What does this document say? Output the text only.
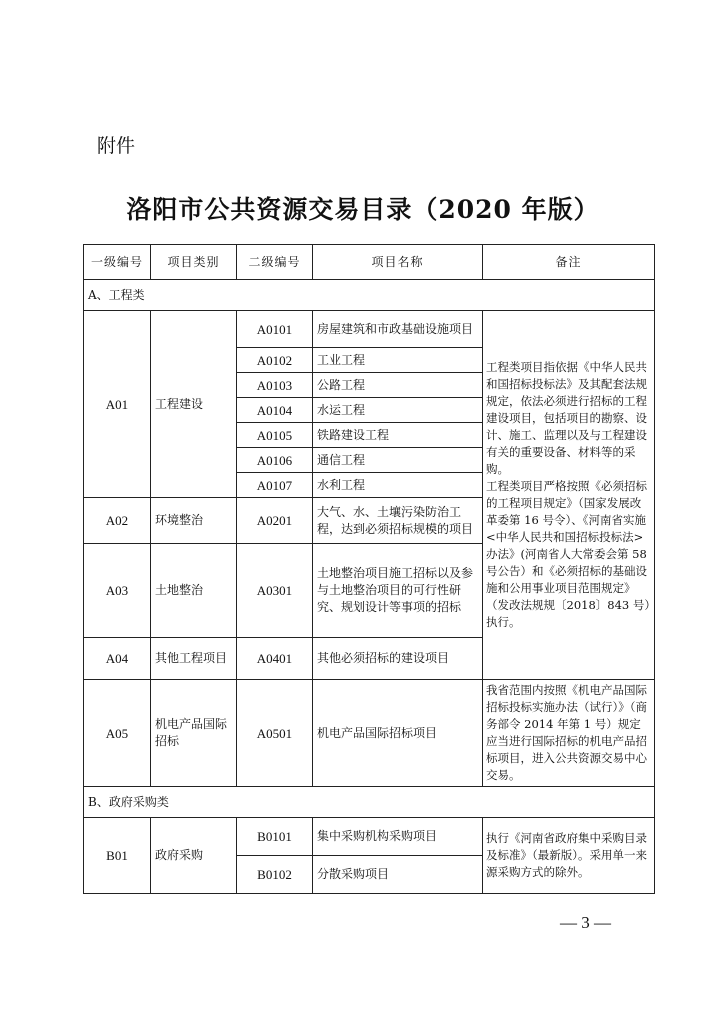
附件
洛阳市公共资源交易目录（2020 年版）
一级编号	项目类别	二级编号	项目名称	备注
A、工程类				
A01	工程建设	A0101	房屋建筑和市政基础设施项目	工程类项目指依据《中华人民共和国招标投标法》及其配套法规规定，依法必须进行招标的工程建设项目，包括项目的勘察、设计、施工、监理以及与工程建设有关的重要设备、材料等的采购。
工程类项目严格按照《必须招标的工程项目规定》（国家发展改革委第 16 号令）、《河南省实施<中华人民共和国招标投标法>办法》(河南省人大常委会第 58 号公告）和《必须招标的基础设施和公用事业项目范围规定》（发改法规规〔2018〕843 号）执行。

		A0102	工业工程	
		A0103	公路工程	
		A0104	水运工程	
		A0105	铁路建设工程	
		A0106	通信工程	
		A0107	水利工程	
A02	环境整治	A0201	大气、水、土壤污染防治工程，达到必须招标规模的项目	
A03	土地整治	A0301	土地整治项目施工招标以及参与土地整治项目的可行性研究、规划设计等事项的招标	
A04	其他工程项目	A0401	其他必须招标的建设项目	
A05	机电产品国际招标	A0501	机电产品国际招标项目	我省范围内按照《机电产品国际招标投标实施办法（试行）》（商务部令 2014 年第 1 号）规定应当进行国际招标的机电产品招标项目，进入公共资源交易中心交易。
B、政府采购类				
B01	政府采购	B0101	集中采购机构采购项目	执行《河南省政府集中采购目录及标准》（最新版）。采用单一来源采购方式的除外。
		B0102	分散采购项目	
— 3 —
